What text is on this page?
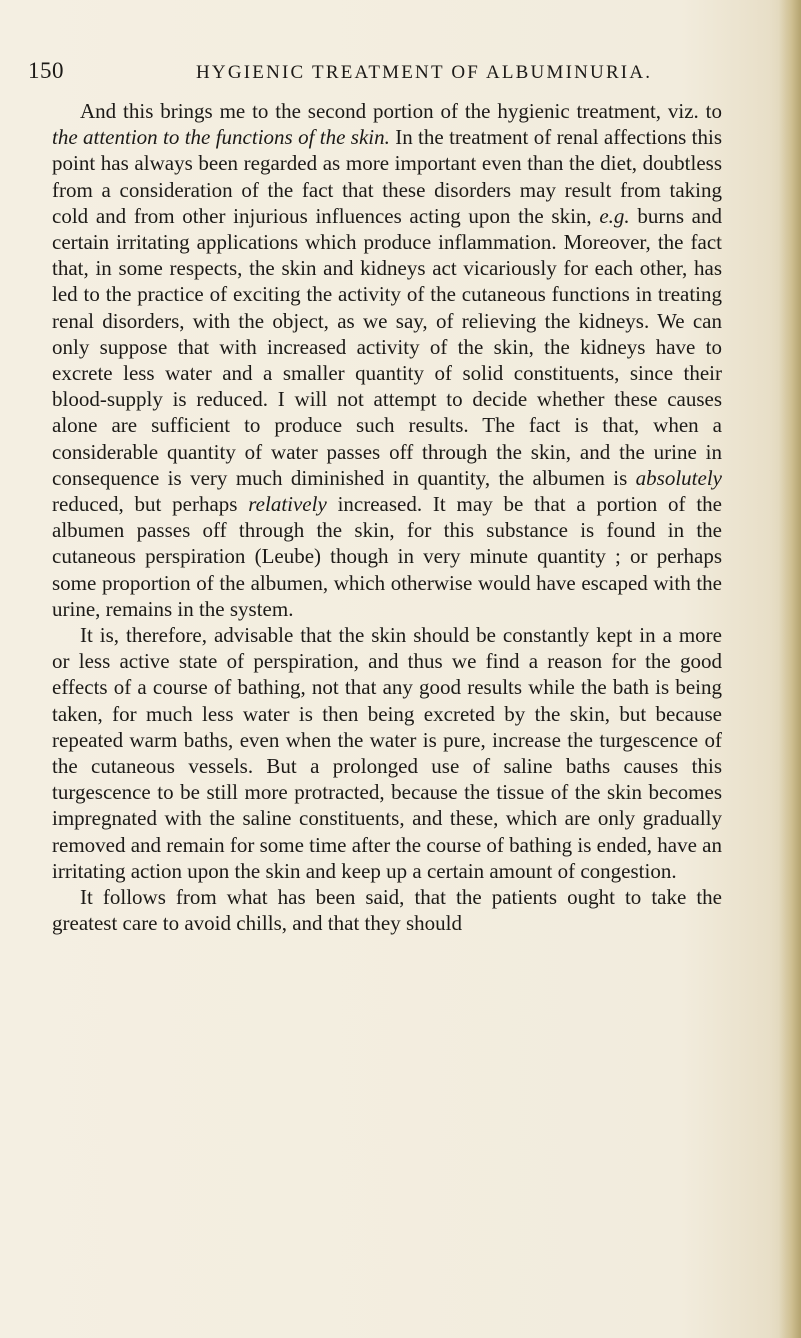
150	HYGIENIC TREATMENT OF ALBUMINURIA.

And this brings me to the second portion of the hygienic treatment, viz. to the attention to the functions of the skin. In the treatment of renal affections this point has always been regarded as more important even than the diet, doubtless from a consideration of the fact that these disorders may result from taking cold and from other injurious influences acting upon the skin, e.g. burns and certain irritating applications which produce inflammation. Moreover, the fact that, in some respects, the skin and kidneys act vicariously for each other, has led to the practice of exciting the activity of the cutaneous functions in treating renal disorders, with the object, as we say, of relieving the kidneys. We can only suppose that with increased activity of the skin, the kidneys have to excrete less water and a smaller quantity of solid constituents, since their blood-supply is reduced. I will not attempt to decide whether these causes alone are sufficient to produce such results. The fact is that, when a considerable quantity of water passes off through the skin, and the urine in consequence is very much diminished in quantity, the albumen is absolutely reduced, but perhaps relatively increased. It may be that a portion of the albumen passes off through the skin, for this substance is found in the cutaneous perspiration (Leube) though in very minute quantity ; or perhaps some proportion of the albumen, which otherwise would have escaped with the urine, remains in the system.

It is, therefore, advisable that the skin should be constantly kept in a more or less active state of perspiration, and thus we find a reason for the good effects of a course of bathing, not that any good results while the bath is being taken, for much less water is then being excreted by the skin, but because repeated warm baths, even when the water is pure, increase the turgescence of the cutaneous vessels. But a prolonged use of saline baths causes this turgescence to be still more protracted, because the tissue of the skin becomes impregnated with the saline constituents, and these, which are only gradually removed and remain for some time after the course of bathing is ended, have an irritating action upon the skin and keep up a certain amount of congestion.

It follows from what has been said, that the patients ought to take the greatest care to avoid chills, and that they should
